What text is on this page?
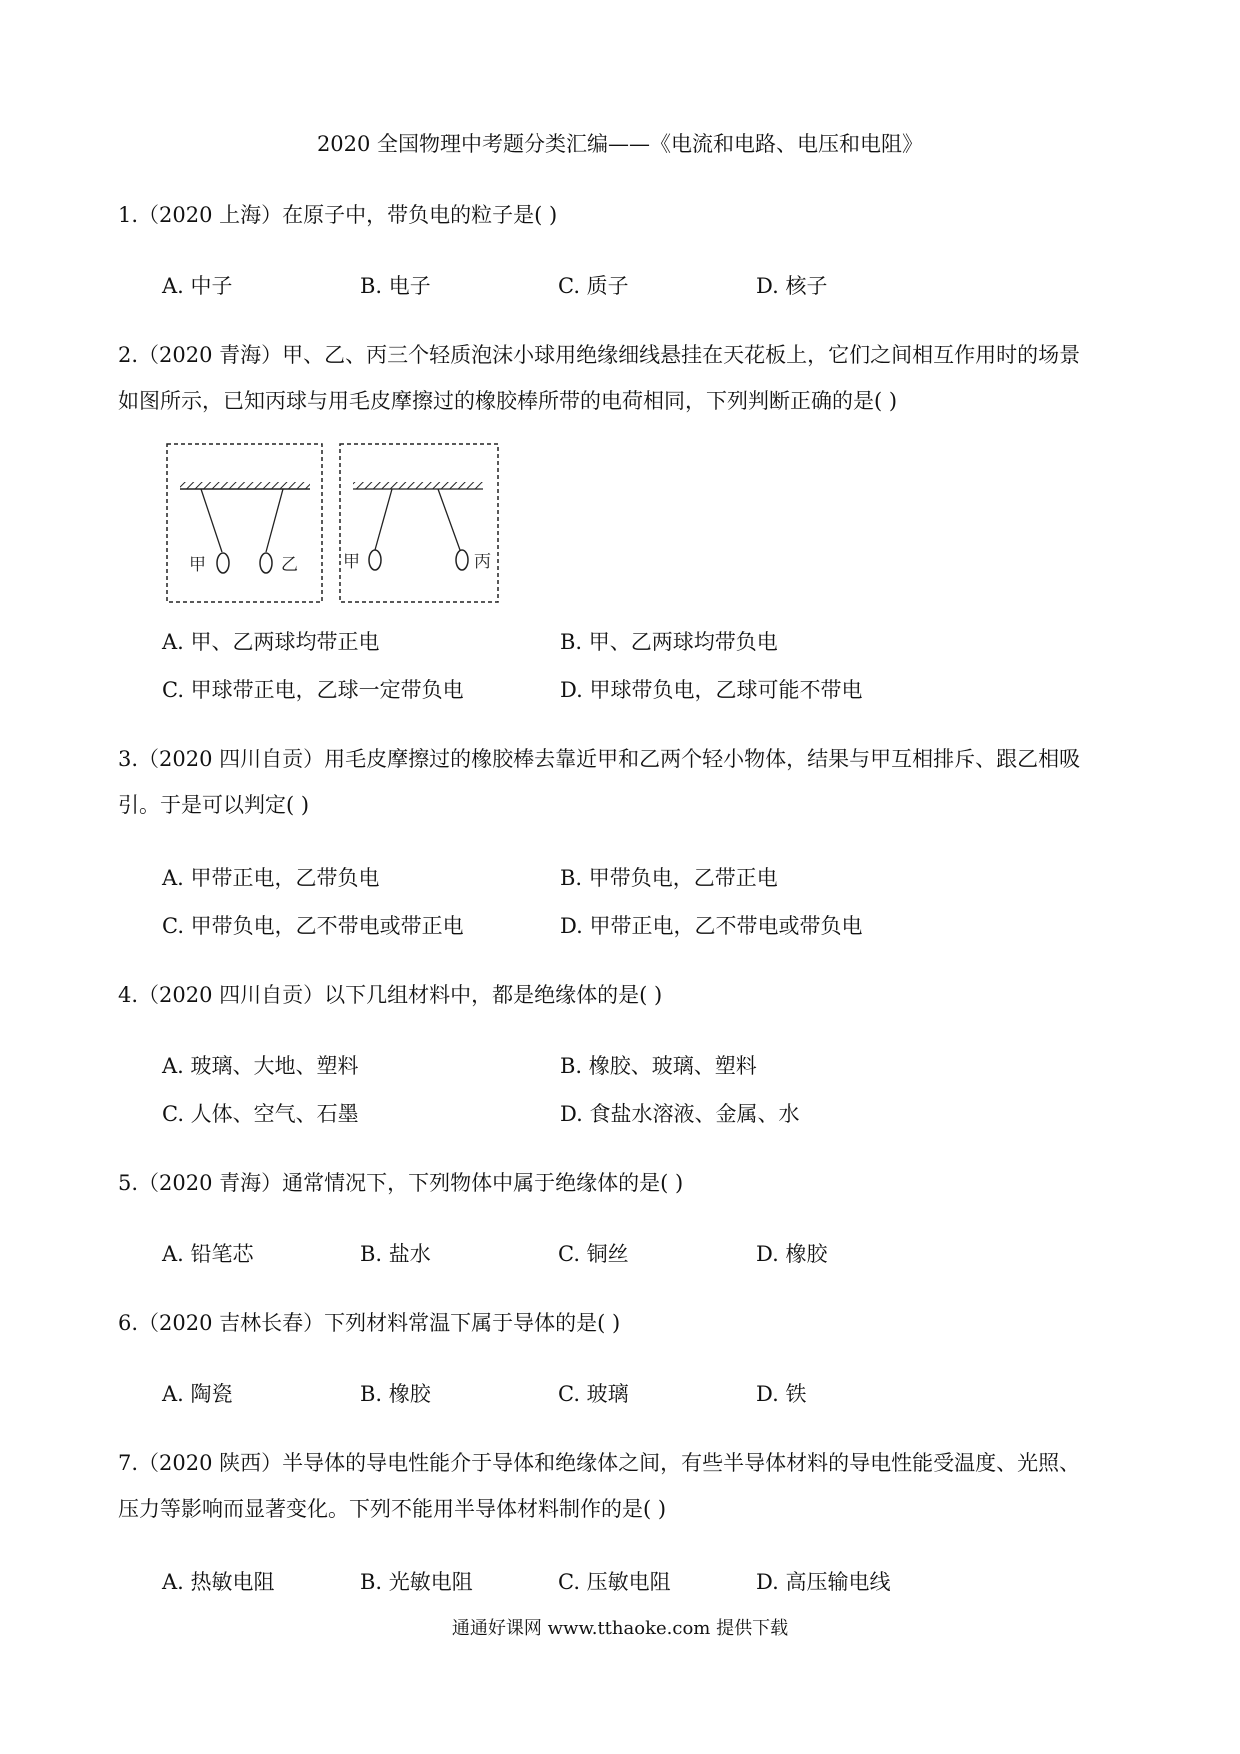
2020 全国物理中考题分类汇编——《电流和电路、电压和电阻》
1.（2020 上海）在原子中，带负电的粒子是( )
A. 中子	B. 电子	C. 质子	D. 核子
2.（2020 青海）甲、乙、丙三个轻质泡沫小球用绝缘细线悬挂在天花板上，它们之间相互作用时的场景
如图所示，已知丙球与用毛皮摩擦过的橡胶棒所带的电荷相同，下列判断正确的是( )
甲	乙	甲	丙
A. 甲、乙两球均带正电	B. 甲、乙两球均带负电
C. 甲球带正电，乙球一定带负电	D. 甲球带负电，乙球可能不带电
3.（2020 四川自贡）用毛皮摩擦过的橡胶棒去靠近甲和乙两个轻小物体，结果与甲互相排斥、跟乙相吸
引。于是可以判定( )
A. 甲带正电，乙带负电	B. 甲带负电，乙带正电
C. 甲带负电，乙不带电或带正电	D. 甲带正电，乙不带电或带负电
4.（2020 四川自贡）以下几组材料中，都是绝缘体的是( )
A. 玻璃、大地、塑料	B. 橡胶、玻璃、塑料
C. 人体、空气、石墨	D. 食盐水溶液、金属、水
5.（2020 青海）通常情况下，下列物体中属于绝缘体的是( )
A. 铅笔芯	B. 盐水	C. 铜丝	D. 橡胶
6.（2020 吉林长春）下列材料常温下属于导体的是( )
A. 陶瓷	B. 橡胶	C. 玻璃	D. 铁
7.（2020 陕西）半导体的导电性能介于导体和绝缘体之间，有些半导体材料的导电性能受温度、光照、
压力等影响而显著变化。下列不能用半导体材料制作的是( )
A. 热敏电阻	B. 光敏电阻	C. 压敏电阻	D. 高压输电线
通通好课网 www.tthaoke.com 提供下载
